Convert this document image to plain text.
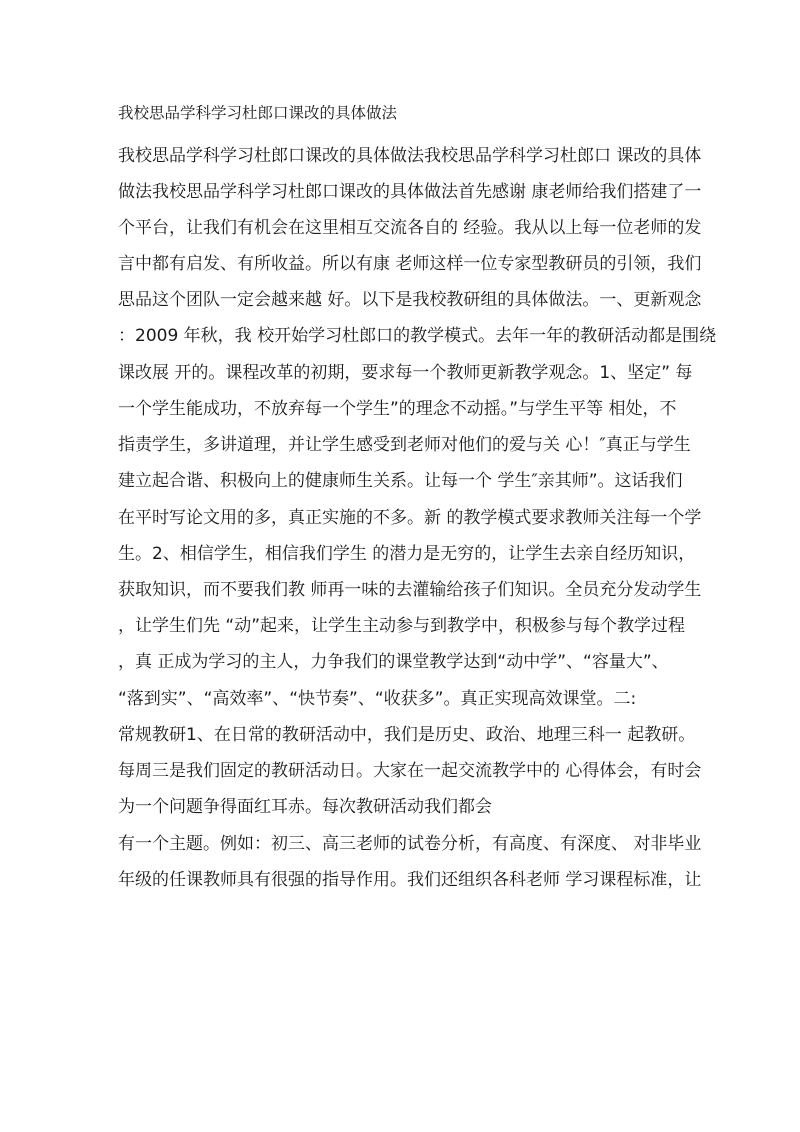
我校思品学科学习杜郎口课改的具体做法

我校思品学科学习杜郎口课改的具体做法我校思品学科学习杜郎口 课改的具体

做法我校思品学科学习杜郎口课改的具体做法首先感谢 康老师给我们搭建了一

个平台，让我们有机会在这里相互交流各自的 经验。我从以上每一位老师的发

言中都有启发、有所收益。所以有康 老师这样一位专家型教研员的引领，我们

思品这个团队一定会越来越 好。以下是我校教研组的具体做法。一、更新观念

：2009 年秋，我 校开始学习杜郎口的教学模式。去年一年的教研活动都是围绕

课改展 开的。课程改革的初期，要求每一个教师更新教学观念。1、坚定” 每

一个学生能成功，不放弃每一个学生”的理念不动摇。”与学生平等 相处，不

指责学生，多讲道理，并让学生感受到老师对他们的爱与关 心！″真正与学生

建立起合谐、积极向上的健康师生关系。让每一个 学生″亲其师”。这话我们

在平时写论文用的多，真正实施的不多。新 的教学模式要求教师关注每一个学

生。2、相信学生，相信我们学生 的潜力是无穷的，让学生去亲自经历知识，

获取知识，而不要我们教 师再一味的去灌输给孩子们知识。全员充分发动学生

，让学生们先 “动”起来，让学生主动参与到教学中，积极参与每个教学过程

，真 正成为学习的主人，力争我们的课堂教学达到“动中学”、“容量大”、

“落到实”、“高效率”、“快节奏”、“收获多”。真正实现高效课堂。二:

常规教研1、在日常的教研活动中，我们是历史、政治、地理三科一 起教研。

每周三是我们固定的教研活动日。大家在一起交流教学中的 心得体会，有时会

为一个问题争得面红耳赤。每次教研活动我们都会

有一个主题。例如：初三、高三老师的试卷分析，有高度、有深度、 对非毕业

年级的任课教师具有很强的指导作用。我们还组织各科老师 学习课程标准，让
